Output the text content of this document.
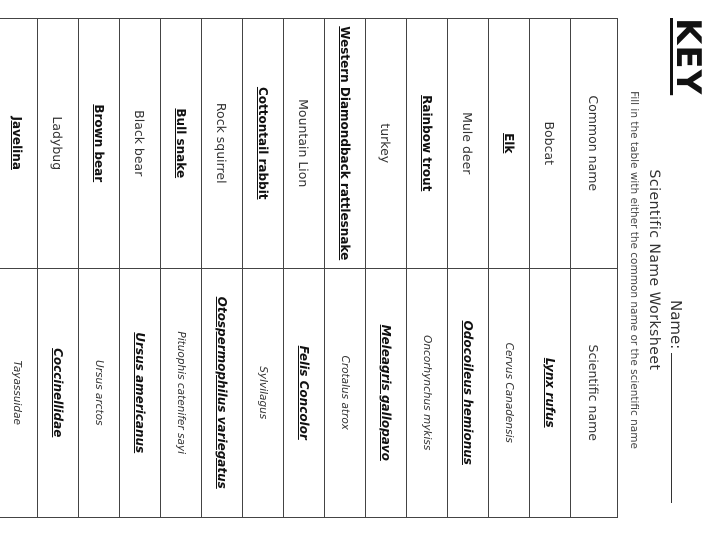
KEY
Name:
Scientific Name Worksheet
Fill in the table with either the common name or the scientific name
Common name	Scientific name
Bobcat	Lynx rufus
Elk	Cervus Canadensis
Mule deer	Odocoileus hemionus
Rainbow trout	Oncorhynchus mykiss
turkey	Meleagris gallopavo
Western Diamondback rattlesnake	Crotalus atrox
Mountain Lion	Felis Concolor
Cottontail rabbit	Sylvilagus
Rock squirrel	Otospermophilus variegatus
Bull snake	Pituophis catenifer sayi
Black bear	Ursus americanus
Brown bear	Ursus arctos
Ladybug	Coccinellidae
Javelina	Tayassuidae
